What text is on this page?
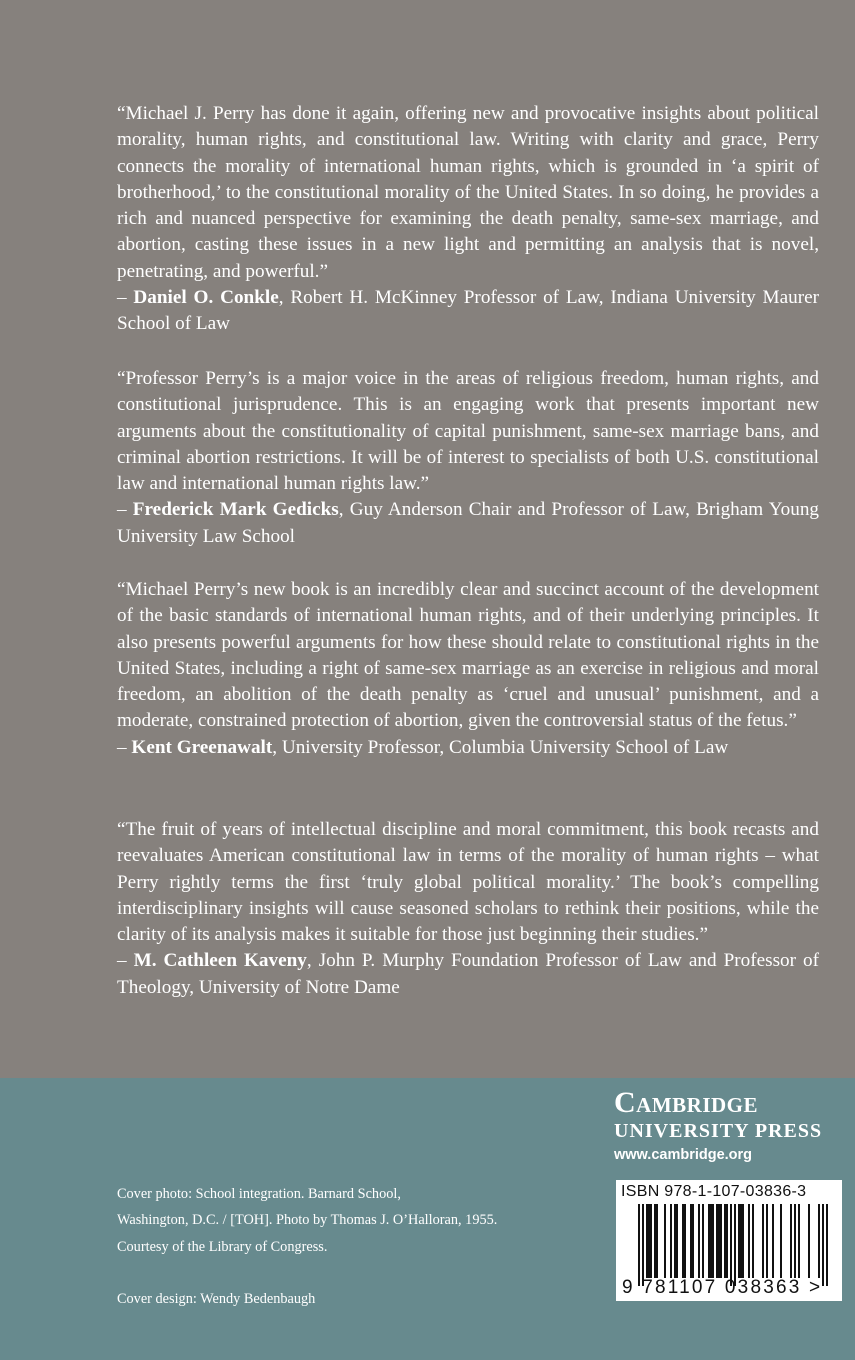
“Michael J. Perry has done it again, offering new and provocative insights about political morality, human rights, and constitutional law. Writing with clarity and grace, Perry connects the morality of international human rights, which is grounded in ‘a spirit of brotherhood,’ to the constitutional morality of the United States. In so doing, he provides a rich and nuanced perspective for examining the death penalty, same-sex marriage, and abortion, casting these issues in a new light and permitting an analysis that is novel, penetrating, and powerful.”

– Daniel O. Conkle, Robert H. McKinney Professor of Law, Indiana University Maurer School of Law

“Professor Perry’s is a major voice in the areas of religious freedom, human rights, and constitutional jurisprudence. This is an engaging work that presents important new arguments about the constitutionality of capital punishment, same-sex marriage bans, and criminal abortion restrictions. It will be of interest to specialists of both U.S. constitutional law and international human rights law.”

– Frederick Mark Gedicks, Guy Anderson Chair and Professor of Law, Brigham Young University Law School

“Michael Perry’s new book is an incredibly clear and succinct account of the development of the basic standards of international human rights, and of their underlying principles. It also presents powerful arguments for how these should relate to constitutional rights in the United States, including a right of same-sex marriage as an exercise in religious and moral freedom, an abolition of the death penalty as ‘cruel and unusual’ punishment, and a moderate, constrained protection of abortion, given the controversial status of the fetus.”

– Kent Greenawalt, University Professor, Columbia University School of Law

“The fruit of years of intellectual discipline and moral commitment, this book recasts and reevaluates American constitutional law in terms of the morality of human rights – what Perry rightly terms the first ‘truly global political morality.’ The book’s compelling interdisciplinary insights will cause seasoned scholars to rethink their positions, while the clarity of its analysis makes it suitable for those just beginning their studies.”

– M. Cathleen Kaveny, John P. Murphy Foundation Professor of Law and Professor of Theology, University of Notre Dame

Cambridge
UNIVERSITY PRESS
www.cambridge.org
Cover photo: School integration. Barnard School,
Washington, D.C. / [TOH]. Photo by Thomas J. O’Halloran, 1955.
Courtesy of the Library of Congress.
Cover design: Wendy Bedenbaugh
ISBN 978-1-107-03836-3
9 781107 038363 >
